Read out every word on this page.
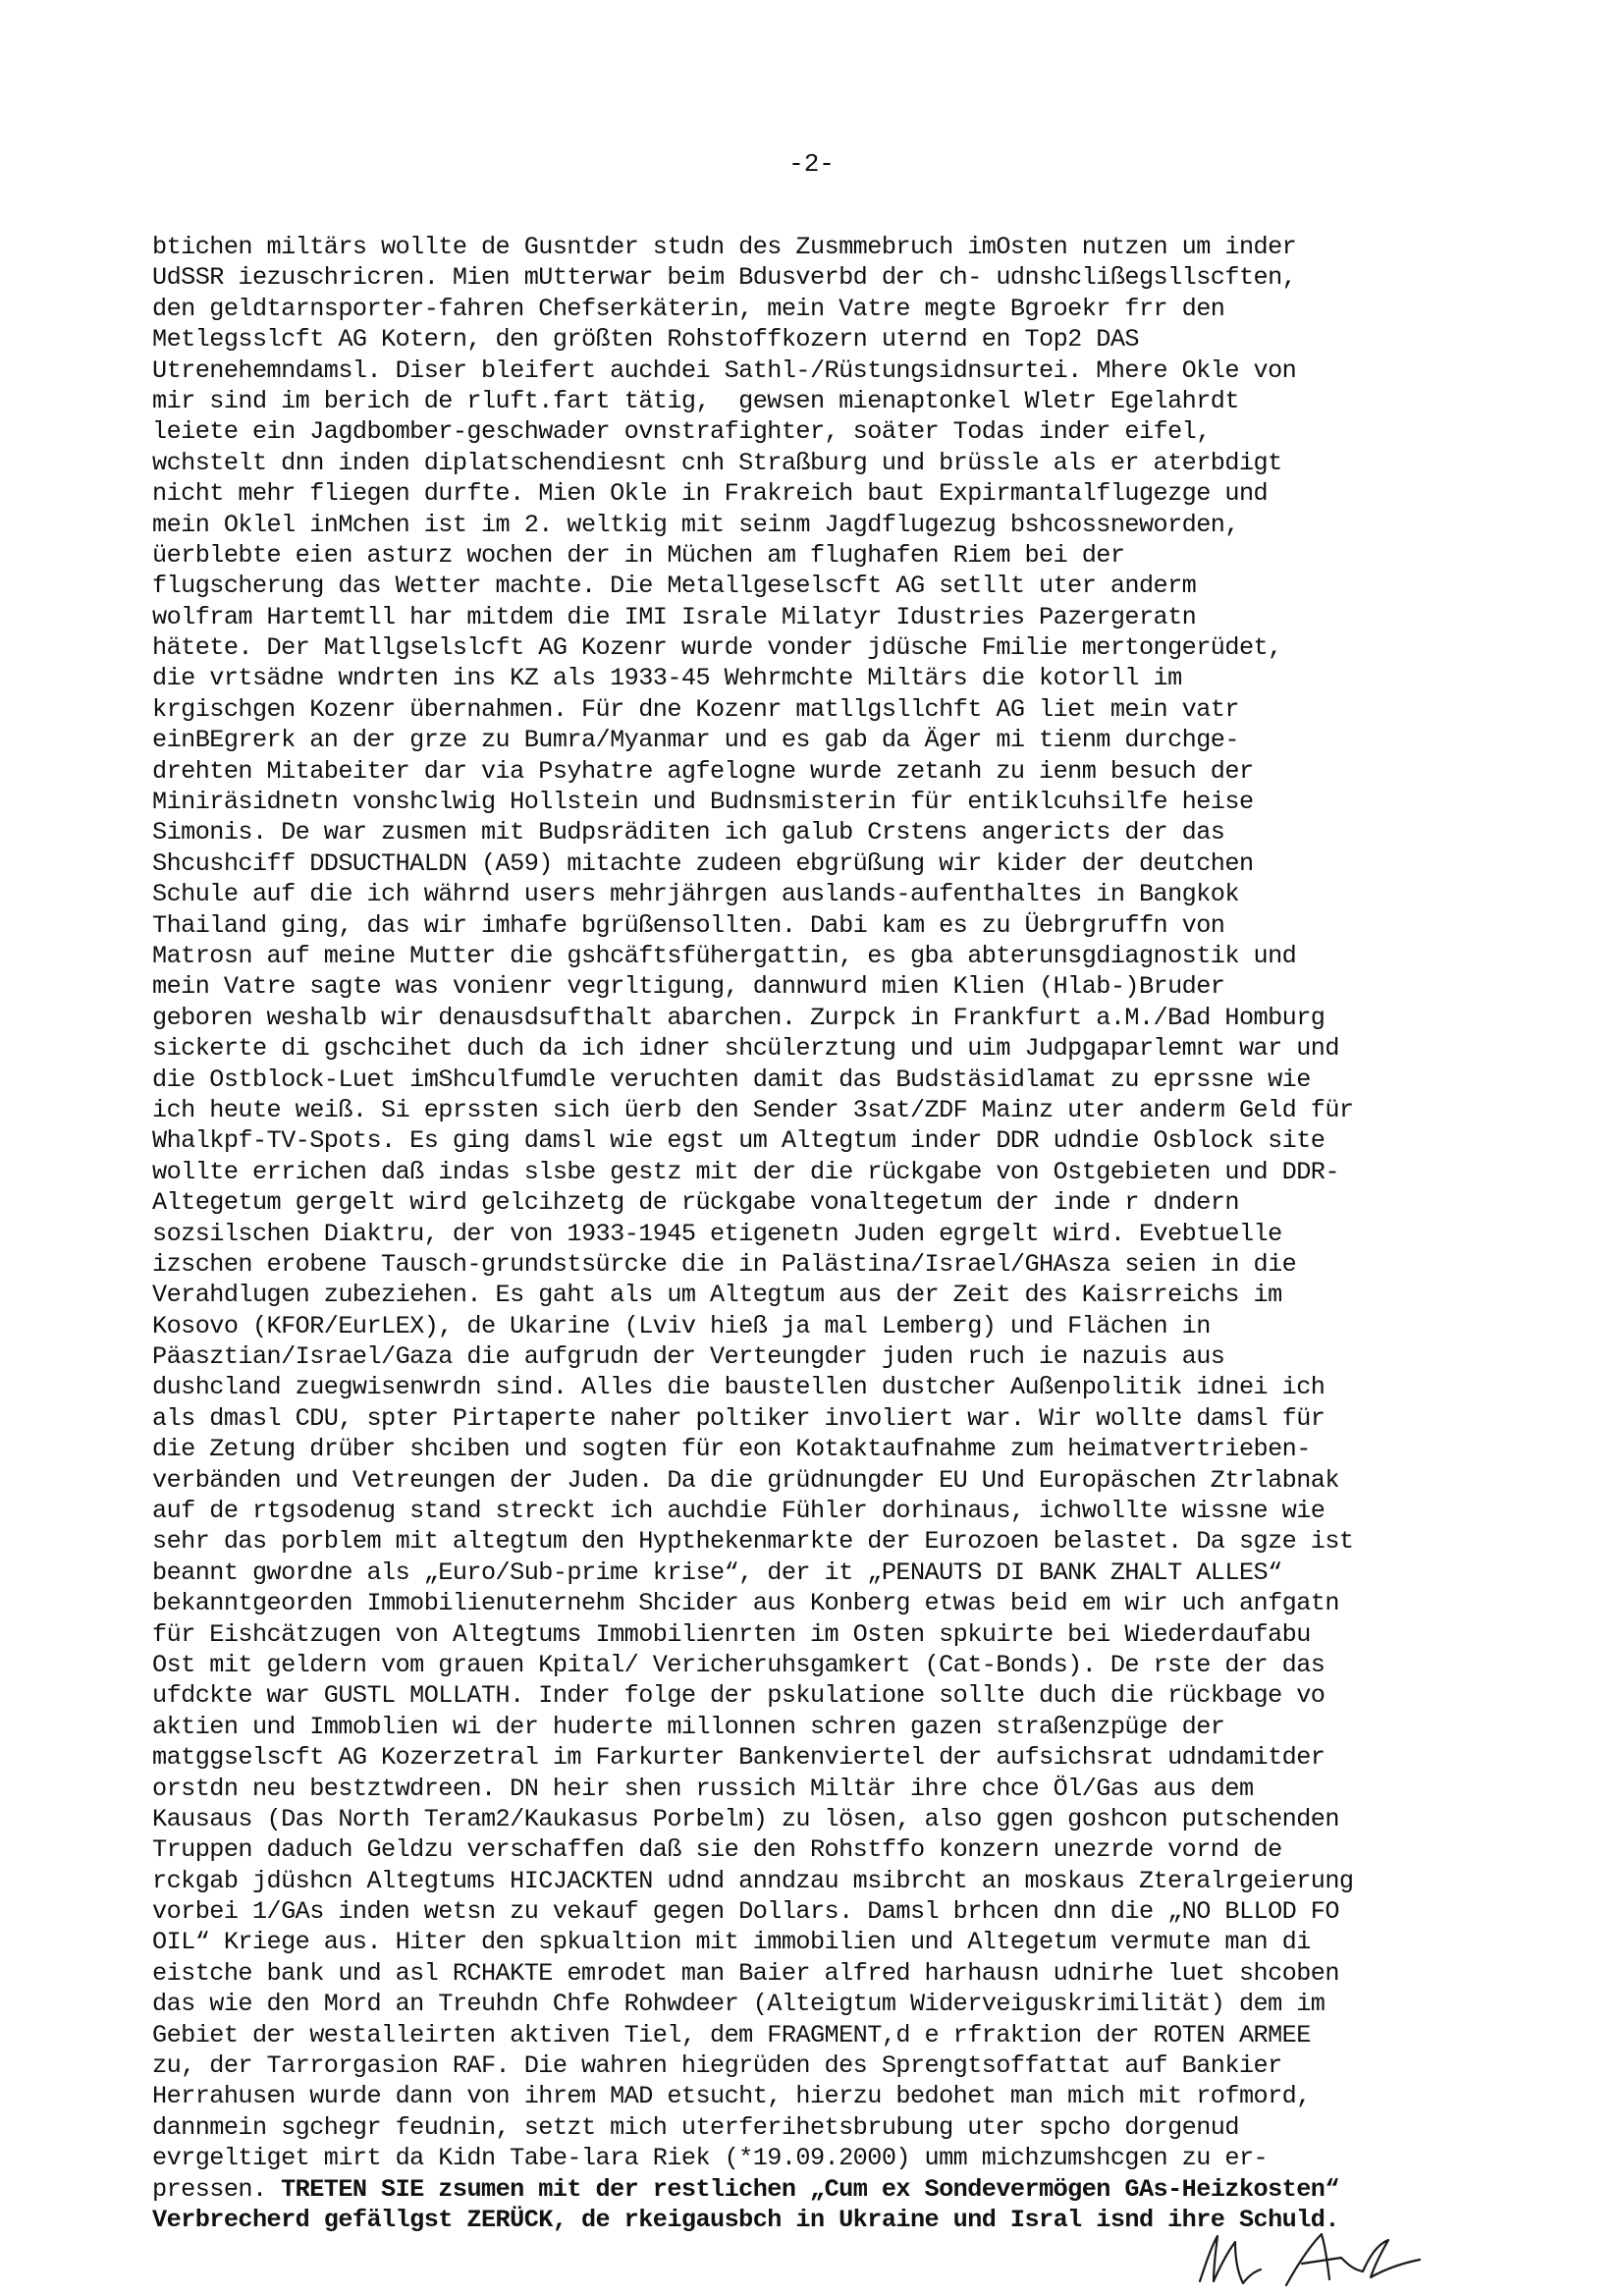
-2-
btichen miltärs wollte de Gusntder studn des Zusmmebruch imOsten nutzen um inder
UdSSR iezuschricren. Mien mUtterwar beim Bdusverbd der ch- udnshclißegsllscften,
den geldtarnsporter-fahren Chefserkäterin, mein Vatre megte Bgroekr frr den
Metlegsslcft AG Kotern, den größten Rohstoffkozern uternd en Top2 DAS
Utrenehemndamsl. Diser bleifert auchdei Sathl-/Rüstungsidnsurtei. Mhere Okle von
mir sind im berich de rluft.fart tätig,  gewsen mienaptonkel Wletr Egelahrdt
leiete ein Jagdbomber-geschwader ovnstrafighter, soäter Todas inder eifel,
wchstelt dnn inden diplatschendiesnt cnh Straßburg und brüssle als er aterbdigt
nicht mehr fliegen durfte. Mien Okle in Frakreich baut Expirmantalflugezge und
mein Oklel inMchen ist im 2. weltkig mit seinm Jagdflugezug bshcossneworden,
üerblebte eien asturz wochen der in Müchen am flughafen Riem bei der
flugscherung das Wetter machte. Die Metallgeselscft AG setllt uter anderm
wolfram Hartemtll har mitdem die IMI Israle Milatyr Idustries Pazergeratn
hätete. Der Matllgselslcft AG Kozenr wurde vonder jdüsche Fmilie mertongerüdet,
die vrtsädne wndrten ins KZ als 1933-45 Wehrmchte Miltärs die kotorll im
krgischgen Kozenr übernahmen. Für dne Kozenr matllgsllchft AG liet mein vatr
einBEgrerk an der grze zu Bumra/Myanmar und es gab da Äger mi tienm durchge-
drehten Mitabeiter dar via Psyhatre agfelogne wurde zetanh zu ienm besuch der
Miniräsidnetn vonshclwig Hollstein und Budnsmisterin für entiklcuhsilfe heise
Simonis. De war zusmen mit Budpsräditen ich galub Crstens angericts der das
Shcushciff DDSUCTHALDN (A59) mitachte zudeen ebgrüßung wir kider der deutchen
Schule auf die ich währnd users mehrjährgen auslands-aufenthaltes in Bangkok
Thailand ging, das wir imhafe bgrüßensollten. Dabi kam es zu Üebrgruffn von
Matrosn auf meine Mutter die gshcäftsfühergattin, es gba abterunsgdiagnostik und
mein Vatre sagte was vonienr vegrltigung, dannwurd mien Klien (Hlab-)Bruder
geboren weshalb wir denausdsufthalt abarchen. Zurpck in Frankfurt a.M./Bad Homburg
sickerte di gschcihet duch da ich idner shcülerztung und uim Judpgaparlemnt war und
die Ostblock-Luet imShculfumdle veruchten damit das Budstäsidlamat zu eprssne wie
ich heute weiß. Si eprssten sich üerb den Sender 3sat/ZDF Mainz uter anderm Geld für
Whalkpf-TV-Spots. Es ging damsl wie egst um Altegtum inder DDR udndie Osblock site
wollte errichen daß indas slsbe gestz mit der die rückgabe von Ostgebieten und DDR-
Altegetum gergelt wird gelcihzetg de rückgabe vonaltegetum der inde r dndern
sozsilschen Diaktru, der von 1933-1945 etigenetn Juden egrgelt wird. Evebtuelle
izschen erobene Tausch-grundstsürcke die in Palästina/Israel/GHAsza seien in die
Verahdlugen zubeziehen. Es gaht als um Altegtum aus der Zeit des Kaisrreichs im
Kosovo (KFOR/EurLEX), de Ukarine (Lviv hieß ja mal Lemberg) und Flächen in
Päasztian/Israel/Gaza die aufgrudn der Verteungder juden ruch ie nazuis aus
dushcland zuegwisenwrdn sind. Alles die baustellen dustcher Außenpolitik idnei ich
als dmasl CDU, spter Pirtaperte naher poltiker involiert war. Wir wollte damsl für
die Zetung drüber shciben und sogten für eon Kotaktaufnahme zum heimatvertrieben-
verbänden und Vetreungen der Juden. Da die grüdnungder EU Und Europäschen Ztrlabnak
auf de rtgsodenug stand streckt ich auchdie Fühler dorhinaus, ichwollte wissne wie
sehr das porblem mit altegtum den Hypthekenmarkte der Eurozoen belastet. Da sgze ist
beannt gwordne als „Euro/Sub-prime krise“, der it „PENAUTS DI BANK ZHALT ALLES“
bekanntgeorden Immobilienuternehm Shcider aus Konberg etwas beid em wir uch anfgatn
für Eishcätzugen von Altegtums Immobilienrten im Osten spkuirte bei Wiederdaufabu
Ost mit geldern vom grauen Kpital/ Vericheruhsgamkert (Cat-Bonds). De rste der das
ufdckte war GUSTL MOLLATH. Inder folge der pskulatione sollte duch die rückbage vo
aktien und Immoblien wi der huderte millonnen schren gazen straßenzpüge der
matggselscft AG Kozerzetral im Farkurter Bankenviertel der aufsichsrat udndamitder
orstdn neu bestztwdreen. DN heir shen russich Miltär ihre chce Öl/Gas aus dem
Kausaus (Das North Teram2/Kaukasus Porbelm) zu lösen, also ggen goshcon putschenden
Truppen daduch Geldzu verschaffen daß sie den Rohstffo konzern unezrde vornd de
rckgab jdüshcn Altegtums HICJACKTEN udnd anndzau msibrcht an moskaus Zteralrgeierung
vorbei 1/GAs inden wetsn zu vekauf gegen Dollars. Damsl brhcen dnn die „NO BLLOD FO
OIL“ Kriege aus. Hiter den spkualtion mit immobilien und Altegetum vermute man di
eistche bank und asl RCHAKTE emrodet man Baier alfred harhausn udnirhe luet shcoben
das wie den Mord an Treuhdn Chfe Rohwdeer (Alteigtum Widerveiguskrimilität) dem im
Gebiet der westalleirten aktiven Tiel, dem FRAGMENT,d e rfraktion der ROTEN ARMEE
zu, der Tarrorgasion RAF. Die wahren hiegrüden des Sprengtsoffattat auf Bankier
Herrahusen wurde dann von ihrem MAD etsucht, hierzu bedohet man mich mit rofmord,
dannmein sgchegr feudnin, setzt mich uterferihetsbrubung uter spcho dorgenud
evrgeltiget mirt da Kidn Tabe-lara Riek (*19.09.2000) umm michzumshcgen zu er-
pressen. TRETEN SIE zsumen mit der restlichen „Cum ex Sondevermögen GAs-Heizkosten“
Verbrecherd gefällgst ZERÜCK, de rkeigausbch in Ukraine und Isral isnd ihre Schuld.
